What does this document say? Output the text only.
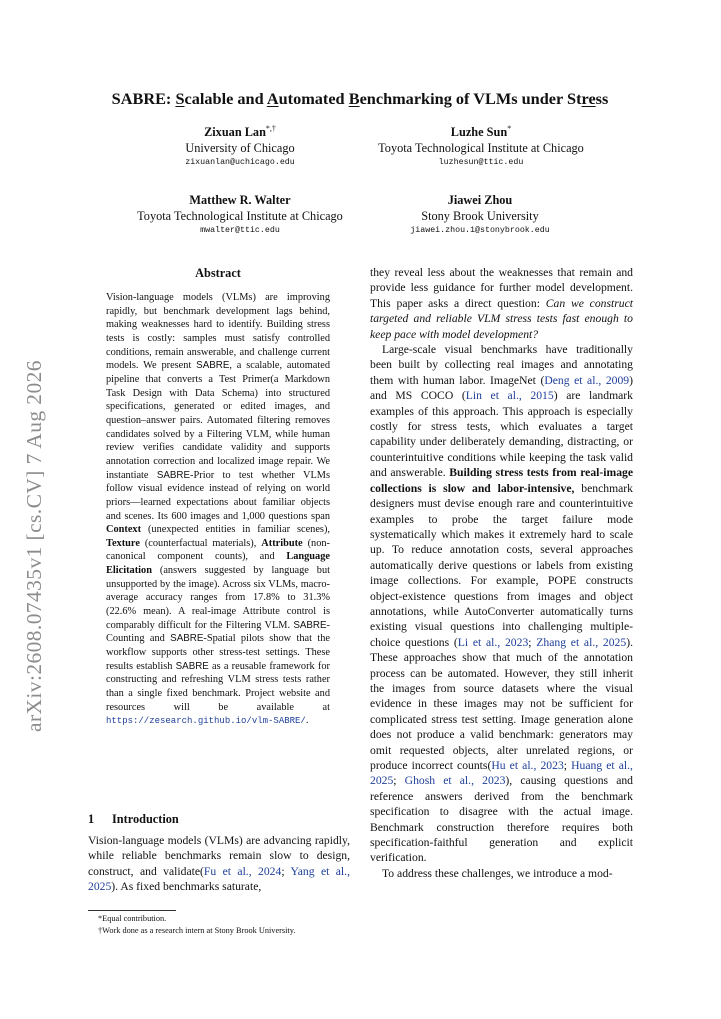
arXiv:2608.07435v1 [cs.CV] 7 Aug 2026
SABRE: Scalable and Automated Benchmarking of VLMs under Stress
Zixuan Lan*,†
University of Chicago
zixuanlan@uchicago.edu
Luzhe Sun*
Toyota Technological Institute at Chicago
luzhesun@ttic.edu
Matthew R. Walter
Toyota Technological Institute at Chicago
mwalter@ttic.edu
Jiawei Zhou
Stony Brook University
jiawei.zhou.1@stonybrook.edu
Abstract
Vision-language models (VLMs) are improving rapidly, but benchmark development lags behind, making weaknesses hard to identify. Building stress tests is costly: samples must satisfy controlled conditions, remain answerable, and challenge current models. We present SABRE, a scalable, automated pipeline that converts a Test Primer(a Markdown Task Design with Data Schema) into structured specifications, generated or edited images, and question–answer pairs. Automated filtering removes candidates solved by a Filtering VLM, while human review verifies candidate validity and supports annotation correction and localized image repair. We instantiate SABRE-Prior to test whether VLMs follow visual evidence instead of relying on world priors—learned expectations about familiar objects and scenes. Its 600 images and 1,000 questions span Context (unexpected entities in familiar scenes), Texture (counterfactual materials), Attribute (non-canonical component counts), and Language Elicitation (answers suggested by language but unsupported by the image). Across six VLMs, macro-average accuracy ranges from 17.8% to 31.3% (22.6% mean). A real-image Attribute control is comparably difficult for the Filtering VLM. SABRE-Counting and SABRE-Spatial pilots show that the workflow supports other stress-test settings. These results establish SABRE as a reusable framework for constructing and refreshing VLM stress tests rather than a single fixed benchmark. Project website and resources will be available at https://zesearch.github.io/vlm-SABRE/.
1 Introduction
Vision-language models (VLMs) are advancing rapidly, while reliable benchmarks remain slow to design, construct, and validate(Fu et al., 2024; Yang et al., 2025). As fixed benchmarks saturate,
*Equal contribution.
†Work done as a research intern at Stony Brook University.

they reveal less about the weaknesses that remain and provide less guidance for further model development. This paper asks a direct question: Can we construct targeted and reliable VLM stress tests fast enough to keep pace with model development?

Large-scale visual benchmarks have traditionally been built by collecting real images and annotating them with human labor. ImageNet (Deng et al., 2009) and MS COCO (Lin et al., 2015) are landmark examples of this approach. This approach is especially costly for stress tests, which evaluates a target capability under deliberately demanding, distracting, or counterintuitive conditions while keeping the task valid and answerable. Building stress tests from real-image collections is slow and labor-intensive, benchmark designers must devise enough rare and counterintuitive examples to probe the target failure mode systematically which makes it extremely hard to scale up. To reduce annotation costs, several approaches automatically derive questions or labels from existing image collections. For example, POPE constructs object-existence questions from images and object annotations, while AutoConverter automatically turns existing visual questions into challenging multiple-choice questions (Li et al., 2023; Zhang et al., 2025). These approaches show that much of the annotation process can be automated. However, they still inherit the images from source datasets where the visual evidence in these images may not be sufficient for complicated stress test setting. Image generation alone does not produce a valid benchmark: generators may omit requested objects, alter unrelated regions, or produce incorrect counts(Hu et al., 2023; Huang et al., 2025; Ghosh et al., 2023), causing questions and reference answers derived from the benchmark specification to disagree with the actual image. Benchmark construction therefore requires both specification-faithful generation and explicit verification.

To address these challenges, we introduce a mod-
